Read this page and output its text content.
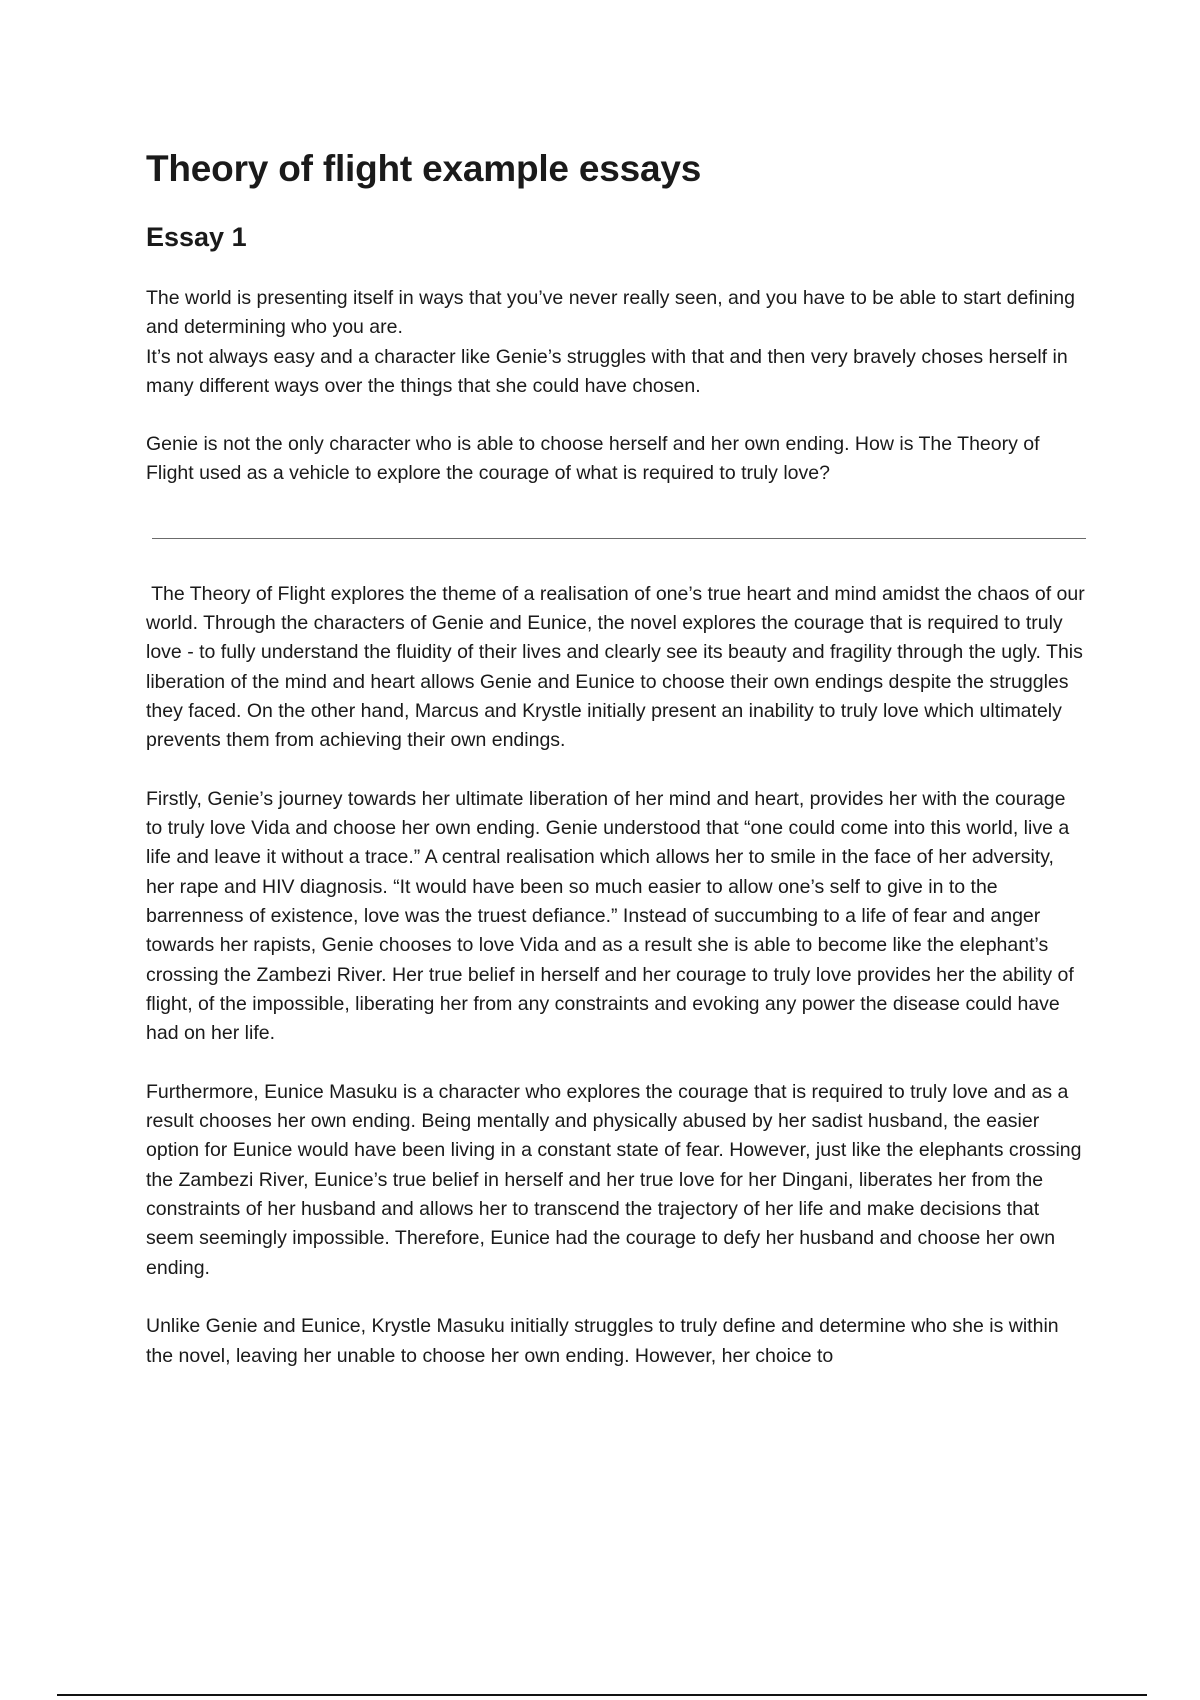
Theory of flight example essays
Essay 1

The world is presenting itself in ways that you’ve never really seen, and you have to be able to start defining and determining who you are.
It’s not always easy and a character like Genie’s struggles with that and then very bravely choses herself in many different ways over the things that she could have chosen.

Genie is not the only character who is able to choose herself and her own ending. How is The Theory of Flight used as a vehicle to explore the courage of what is required to truly love?

The Theory of Flight explores the theme of a realisation of one’s true heart and mind amidst the chaos of our world. Through the characters of Genie and Eunice, the novel explores the courage that is required to truly love - to fully understand the fluidity of their lives and clearly see its beauty and fragility through the ugly. This liberation of the mind and heart allows Genie and Eunice to choose their own endings despite the struggles they faced. On the other hand, Marcus and Krystle initially present an inability to truly love which ultimately prevents them from achieving their own endings.

Firstly, Genie’s journey towards her ultimate liberation of her mind and heart, provides her with the courage to truly love Vida and choose her own ending. Genie understood that “one could come into this world, live a life and leave it without a trace.” A central realisation which allows her to smile in the face of her adversity, her rape and HIV diagnosis. “It would have been so much easier to allow one’s self to give in to the barrenness of existence, love was the truest defiance.” Instead of succumbing to a life of fear and anger towards her rapists, Genie chooses to love Vida and as a result she is able to become like the elephant’s crossing the Zambezi River. Her true belief in herself and her courage to truly love provides her the ability of flight, of the impossible, liberating her from any constraints and evoking any power the disease could have had on her life.

Furthermore, Eunice Masuku is a character who explores the courage that is required to truly love and as a result chooses her own ending. Being mentally and physically abused by her sadist husband, the easier option for Eunice would have been living in a constant state of fear. However, just like the elephants crossing the Zambezi River, Eunice’s true belief in herself and her true love for her Dingani, liberates her from the constraints of her husband and allows her to transcend the trajectory of her life and make decisions that seem seemingly impossible. Therefore, Eunice had the courage to defy her husband and choose her own ending.

Unlike Genie and Eunice, Krystle Masuku initially struggles to truly define and determine who she is within the novel, leaving her unable to choose her own ending. However, her choice to
